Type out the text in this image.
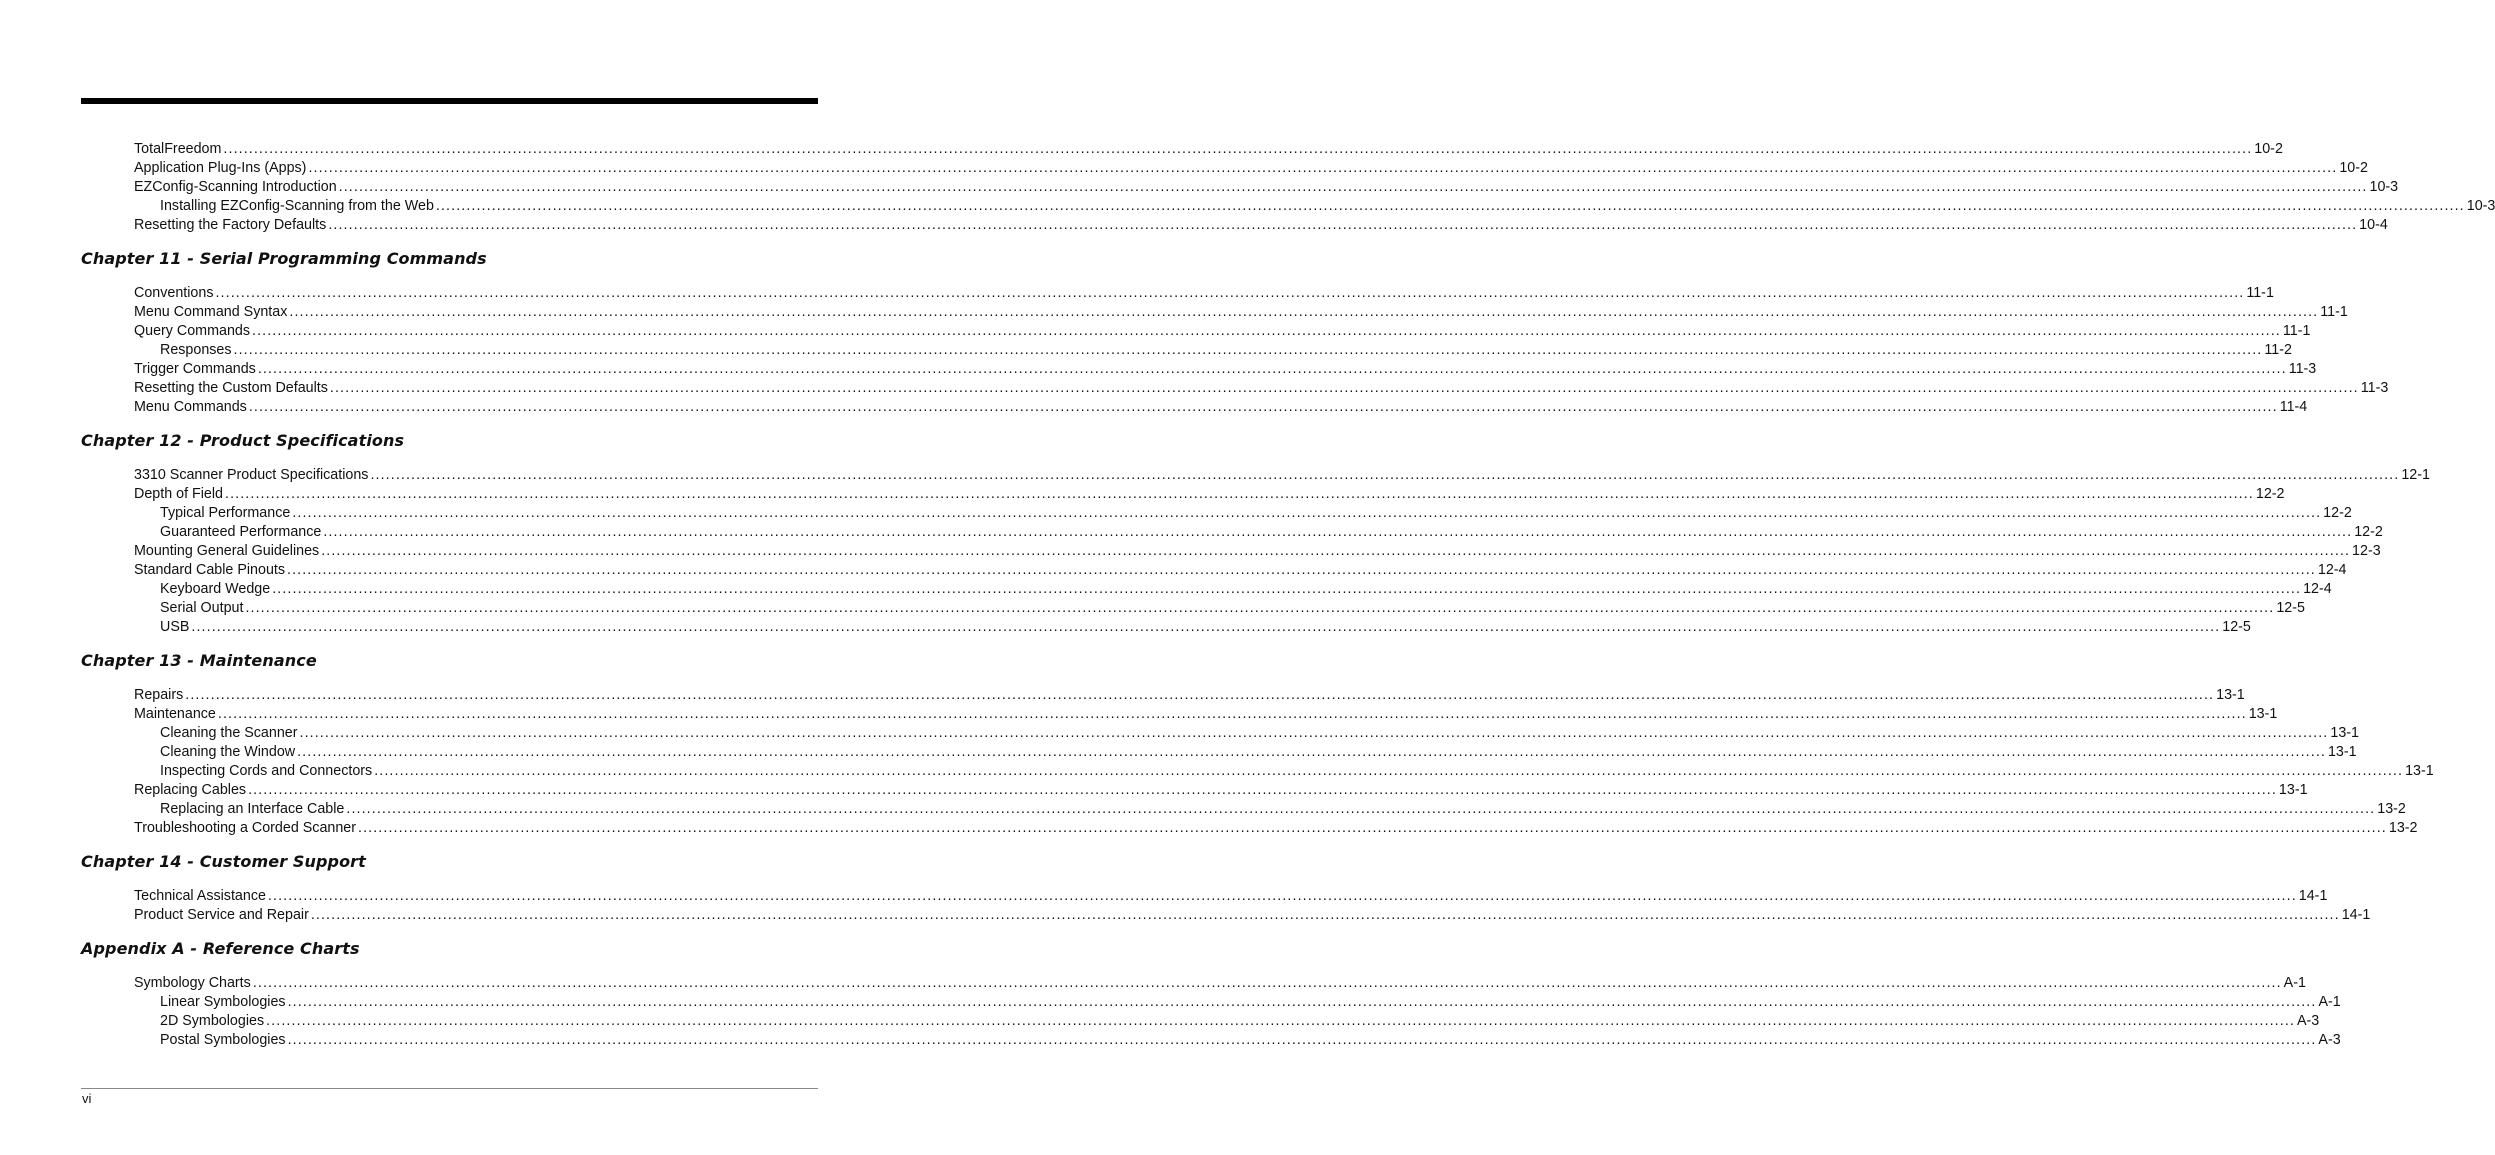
TotalFreedom ................................................................................................................................................................................................................................................................................................................................................................................................................ 10-2
Application Plug-Ins (Apps) ................................................................................................................................................................................................................................................................................................................................................................................................................ 10-2
EZConfig-Scanning Introduction ................................................................................................................................................................................................................................................................................................................................................................................................................ 10-3
Installing EZConfig-Scanning from the Web ................................................................................................................................................................................................................................................................................................................................................................................................................ 10-3
Resetting the Factory Defaults ................................................................................................................................................................................................................................................................................................................................................................................................................ 10-4
Chapter 11 - Serial Programming Commands
Conventions ................................................................................................................................................................................................................................................................................................................................................................................................................ 11-1
Menu Command Syntax ................................................................................................................................................................................................................................................................................................................................................................................................................ 11-1
Query Commands ................................................................................................................................................................................................................................................................................................................................................................................................................ 11-1
Responses ................................................................................................................................................................................................................................................................................................................................................................................................................ 11-2
Trigger Commands ................................................................................................................................................................................................................................................................................................................................................................................................................ 11-3
Resetting the Custom Defaults ................................................................................................................................................................................................................................................................................................................................................................................................................ 11-3
Menu Commands ................................................................................................................................................................................................................................................................................................................................................................................................................ 11-4
Chapter 12 - Product Specifications
3310 Scanner Product Specifications ................................................................................................................................................................................................................................................................................................................................................................................................................ 12-1
Depth of Field ................................................................................................................................................................................................................................................................................................................................................................................................................ 12-2
Typical Performance ................................................................................................................................................................................................................................................................................................................................................................................................................ 12-2
Guaranteed Performance ................................................................................................................................................................................................................................................................................................................................................................................................................ 12-2
Mounting General Guidelines ................................................................................................................................................................................................................................................................................................................................................................................................................ 12-3
Standard Cable Pinouts ................................................................................................................................................................................................................................................................................................................................................................................................................ 12-4
Keyboard Wedge ................................................................................................................................................................................................................................................................................................................................................................................................................ 12-4
Serial Output ................................................................................................................................................................................................................................................................................................................................................................................................................ 12-5
USB ................................................................................................................................................................................................................................................................................................................................................................................................................ 12-5
Chapter 13 - Maintenance
Repairs ................................................................................................................................................................................................................................................................................................................................................................................................................ 13-1
Maintenance ................................................................................................................................................................................................................................................................................................................................................................................................................ 13-1
Cleaning the Scanner ................................................................................................................................................................................................................................................................................................................................................................................................................ 13-1
Cleaning the Window ................................................................................................................................................................................................................................................................................................................................................................................................................ 13-1
Inspecting Cords and Connectors ................................................................................................................................................................................................................................................................................................................................................................................................................ 13-1
Replacing Cables ................................................................................................................................................................................................................................................................................................................................................................................................................ 13-1
Replacing an Interface Cable ................................................................................................................................................................................................................................................................................................................................................................................................................ 13-2
Troubleshooting a Corded Scanner ................................................................................................................................................................................................................................................................................................................................................................................................................ 13-2
Chapter 14 - Customer Support
Technical Assistance ................................................................................................................................................................................................................................................................................................................................................................................................................ 14-1
Product Service and Repair ................................................................................................................................................................................................................................................................................................................................................................................................................ 14-1
Appendix A - Reference Charts
Symbology Charts ................................................................................................................................................................................................................................................................................................................................................................................................................ A-1
Linear Symbologies ................................................................................................................................................................................................................................................................................................................................................................................................................ A-1
2D Symbologies ................................................................................................................................................................................................................................................................................................................................................................................................................ A-3
Postal Symbologies ................................................................................................................................................................................................................................................................................................................................................................................................................ A-3
vi
